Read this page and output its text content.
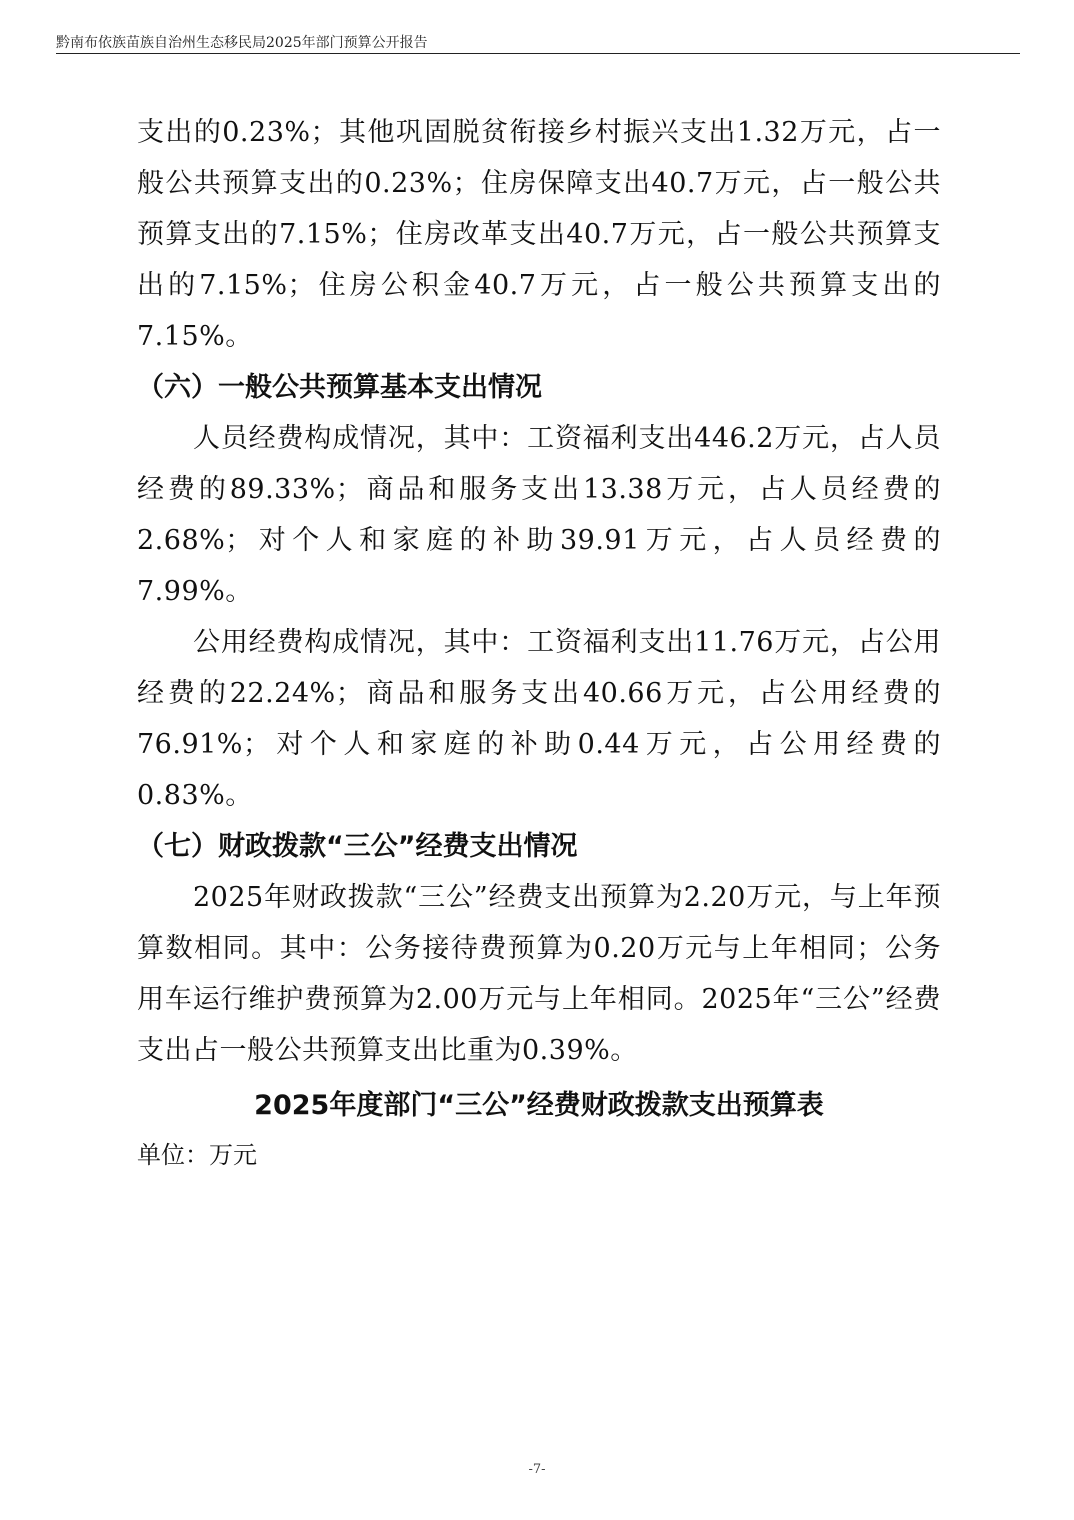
黔南布依族苗族自治州生态移民局2025年部门预算公开报告

支出的0.23%；其他巩固脱贫衔接乡村振兴支出1.32万元，占一般公共预算支出的0.23%；住房保障支出40.7万元，占一般公共预算支出的7.15%；住房改革支出40.7万元，占一般公共预算支出的7.15%；住房公积金40.7万元，占一般公共预算支出的7.15%。

（六）一般公共预算基本支出情况

人员经费构成情况，其中：工资福利支出446.2万元，占人员经费的89.33%；商品和服务支出13.38万元，占人员经费的2.68%；对个人和家庭的补助39.91万元，占人员经费的7.99%。

公用经费构成情况，其中：工资福利支出11.76万元，占公用经费的22.24%；商品和服务支出40.66万元，占公用经费的76.91%；对个人和家庭的补助0.44万元，占公用经费的0.83%。

（七）财政拨款“三公”经费支出情况

2025年财政拨款“三公”经费支出预算为2.20万元，与上年预算数相同。其中：公务接待费预算为0.20万元与上年相同；公务用车运行维护费预算为2.00万元与上年相同。2025年“三公”经费支出占一般公共预算支出比重为0.39%。

2025年度部门“三公”经费财政拨款支出预算表

单位：万元

-7-
